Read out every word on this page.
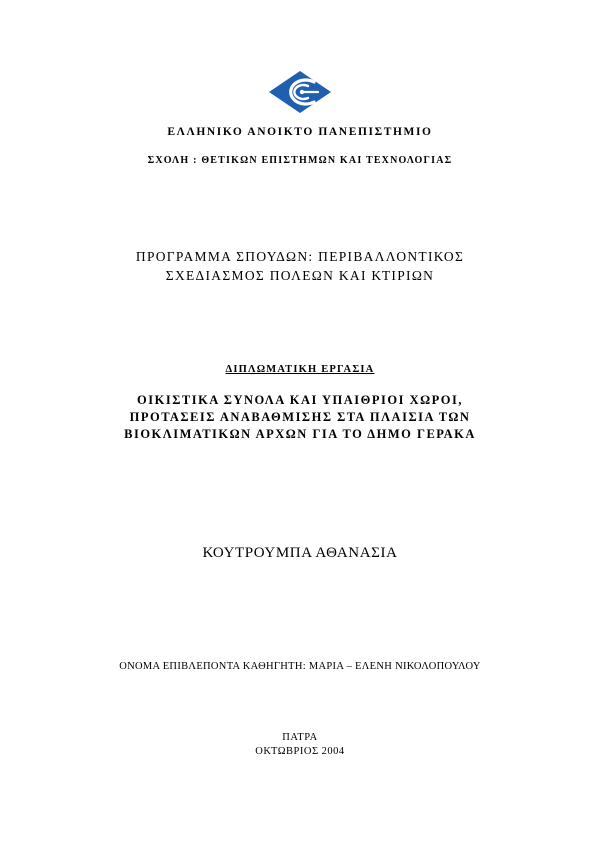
ΕΛΛΗΝΙΚΟ ΑΝΟΙΚΤΟ ΠΑΝΕΠΙΣΤΗΜΙΟ
ΣΧΟΛΗ : ΘΕΤΙΚΩΝ ΕΠΙΣΤΗΜΩΝ ΚΑΙ ΤΕΧΝΟΛΟΓΙΑΣ
ΠΡΟΓΡΑΜΜΑ ΣΠΟΥΔΩΝ: ΠΕΡΙΒΑΛΛΟΝΤΙΚΟΣ
ΣΧΕΔΙΑΣΜΟΣ ΠΟΛΕΩΝ ΚΑΙ ΚΤΙΡΙΩΝ
ΔΙΠΛΩΜΑΤΙΚΗ ΕΡΓΑΣΙΑ
ΟΙΚΙΣΤΙΚΑ ΣΥΝΟΛΑ ΚΑΙ ΥΠΑΙΘΡΙΟΙ ΧΩΡΟΙ,
ΠΡΟΤΑΣΕΙΣ ΑΝΑΒΑΘΜΙΣΗΣ ΣΤΑ ΠΛΑΙΣΙΑ ΤΩΝ
ΒΙΟΚΛΙΜΑΤΙΚΩΝ ΑΡΧΩΝ ΓΙΑ ΤΟ ΔΗΜΟ ΓΕΡΑΚΑ
ΚΟΥΤΡΟΥΜΠΑ ΑΘΑΝΑΣΙΑ
ΟΝΟΜΑ ΕΠΙΒΛΕΠΟΝΤΑ ΚΑΘΗΓΗΤΗ: ΜΑΡΙΑ – ΕΛΕΝΗ ΝΙΚΟΛΟΠΟΥΛΟΥ
ΠΑΤΡΑ
ΟΚΤΩΒΡΙΟΣ 2004
